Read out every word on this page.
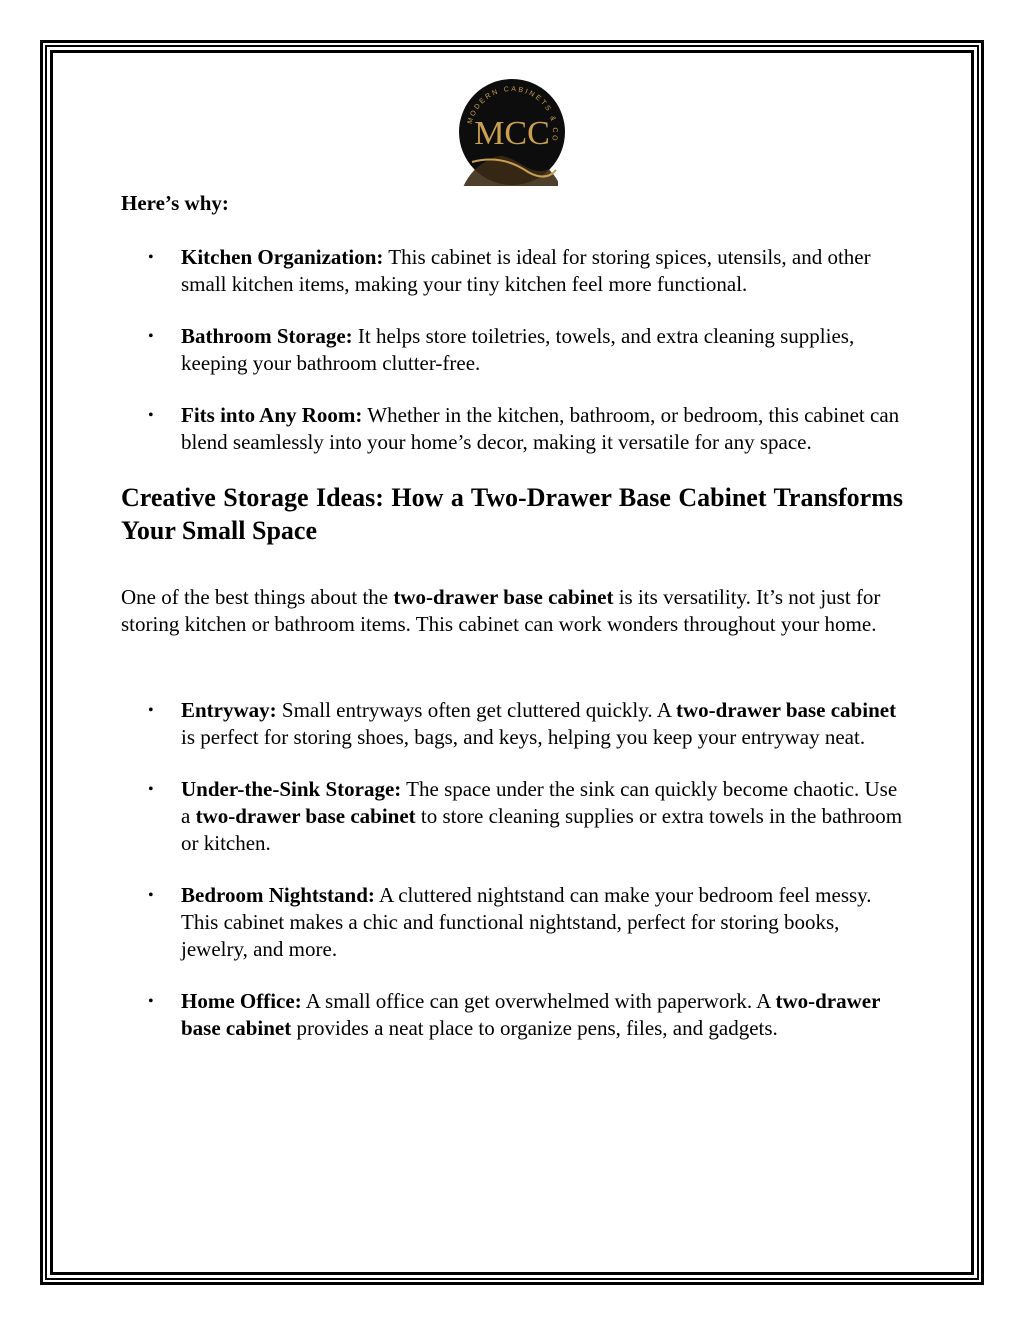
MODERN CABINETS & CO
MCC

Here’s why:

• Kitchen Organization: This cabinet is ideal for storing spices, utensils, and other small kitchen items, making your tiny kitchen feel more functional.
• Bathroom Storage: It helps store toiletries, towels, and extra cleaning supplies, keeping your bathroom clutter-free.
• Fits into Any Room: Whether in the kitchen, bathroom, or bedroom, this cabinet can blend seamlessly into your home’s decor, making it versatile for any space.
Creative Storage Ideas: How a Two-Drawer Base Cabinet Transforms Your Small Space

One of the best things about the two-drawer base cabinet is its versatility. It’s not just for storing kitchen or bathroom items. This cabinet can work wonders throughout your home.

• Entryway: Small entryways often get cluttered quickly. A two-drawer base cabinet is perfect for storing shoes, bags, and keys, helping you keep your entryway neat.
• Under-the-Sink Storage: The space under the sink can quickly become chaotic. Use a two-drawer base cabinet to store cleaning supplies or extra towels in the bathroom or kitchen.
• Bedroom Nightstand: A cluttered nightstand can make your bedroom feel messy. This cabinet makes a chic and functional nightstand, perfect for storing books, jewelry, and more.
• Home Office: A small office can get overwhelmed with paperwork. A two-drawer base cabinet provides a neat place to organize pens, files, and gadgets.
